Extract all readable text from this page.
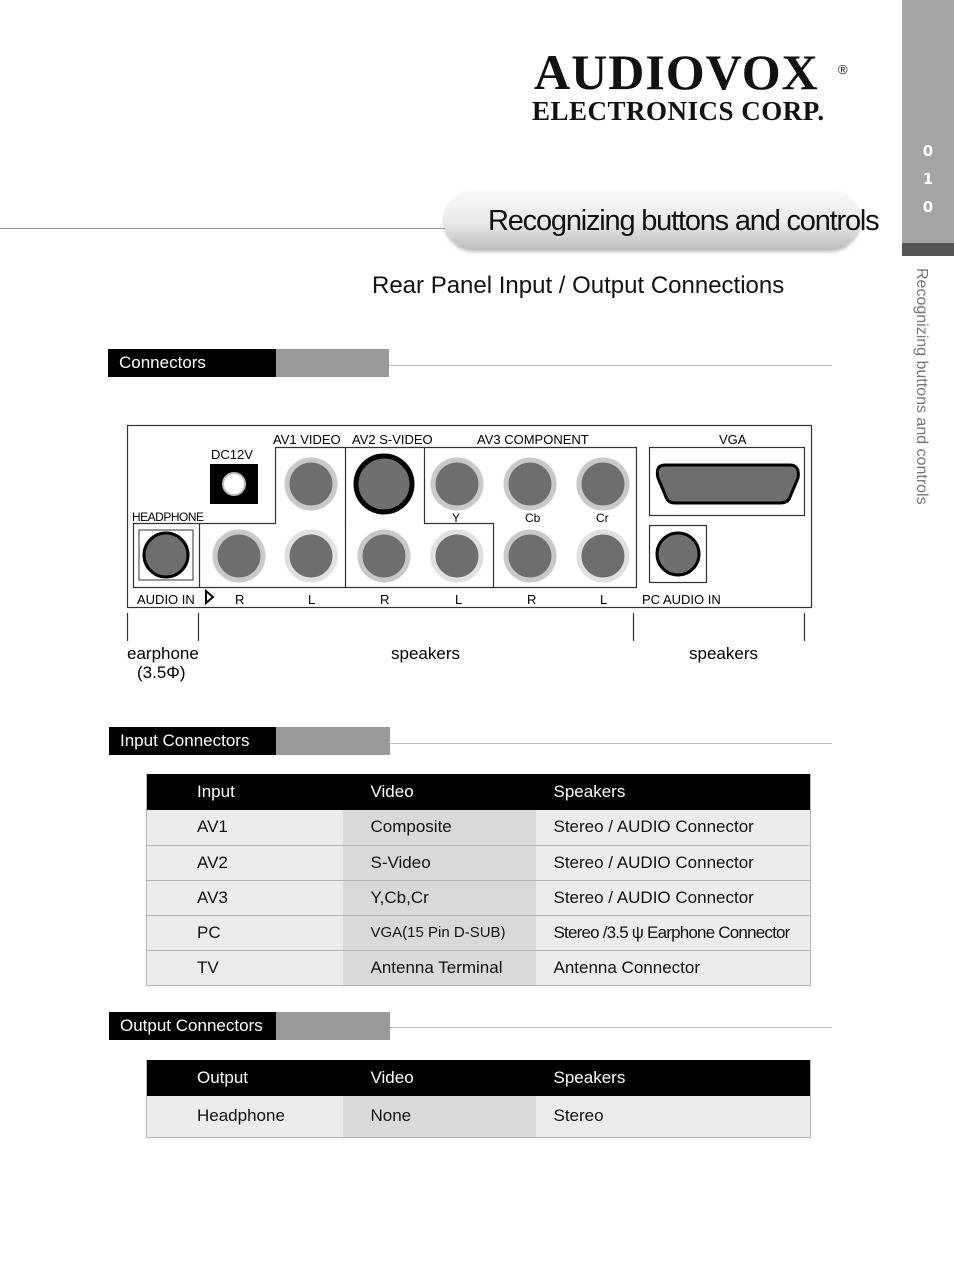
0
1
0
Recognizing buttons and controls
AUDIOVOX ®
ELECTRONICS CORP.
Recognizing buttons and controls
Rear Panel Input / Output Connections
Connectors
DC12V
AV1 VIDEO AV2 S-VIDEO	AV3 COMPONENT	VGA
HEADPHONE	Y	Cb	Cr
AUDIO IN	R	L	R	L	R	L	PC AUDIO IN
earphone
(3.5Φ)
speakers	speakers
Input Connectors
Input	Video	Speakers
AV1	Composite	Stereo / AUDIO Connector
AV2	S-Video	Stereo / AUDIO Connector
AV3	Y,Cb,Cr	Stereo / AUDIO Connector
PC	VGA(15 Pin D-SUB)	Stereo /3.5 ψ Earphone Connector
TV	Antenna Terminal	Antenna Connector
Output Connectors
Output	Video	Speakers
Headphone	None	Stereo
